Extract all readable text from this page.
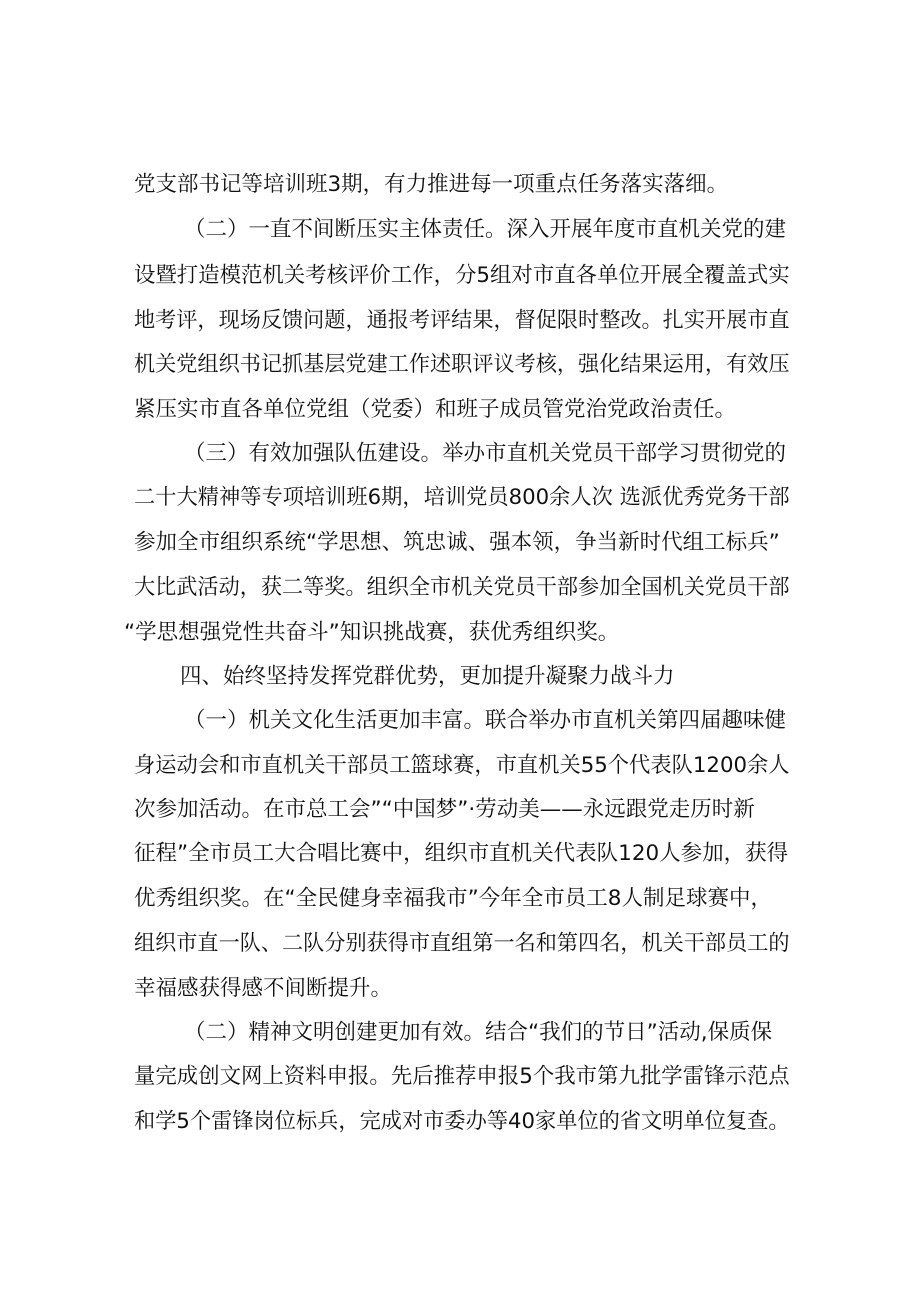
党支部书记等培训班3期，有力推进每一项重点任务落实落细。
（二）一直不间断压实主体责任。深入开展年度市直机关党的建
设暨打造模范机关考核评价工作，分5组对市直各单位开展全覆盖式实
地考评，现场反馈问题，通报考评结果，督促限时整改。扎实开展市直
机关党组织书记抓基层党建工作述职评议考核，强化结果运用，有效压
紧压实市直各单位党组（党委）和班子成员管党治党政治责任。
（三）有效加强队伍建设。举办市直机关党员干部学习贯彻党的
二十大精神等专项培训班6期，培训党员800余人次 选派优秀党务干部
参加全市组织系统“学思想、筑忠诚、强本领，争当新时代组工标兵”
大比武活动，获二等奖。组织全市机关党员干部参加全国机关党员干部
“学思想强党性共奋斗”知识挑战赛，获优秀组织奖。
四、始终坚持发挥党群优势，更加提升凝聚力战斗力
（一）机关文化生活更加丰富。联合举办市直机关第四届趣味健
身运动会和市直机关干部员工篮球赛，市直机关55个代表队1200余人
次参加活动。在市总工会”“中国梦”·劳动美——永远跟党走历时新
征程”全市员工大合唱比赛中，组织市直机关代表队120人参加，获得
优秀组织奖。在“全民健身幸福我市”今年全市员工8人制足球赛中，
组织市直一队、二队分别获得市直组第一名和第四名，机关干部员工的
幸福感获得感不间断提升。
（二）精神文明创建更加有效。结合“我们的节日”活动,保质保
量完成创文网上资料申报。先后推荐申报5个我市第九批学雷锋示范点
和学5个雷锋岗位标兵，完成对市委办等40家单位的省文明单位复查。
